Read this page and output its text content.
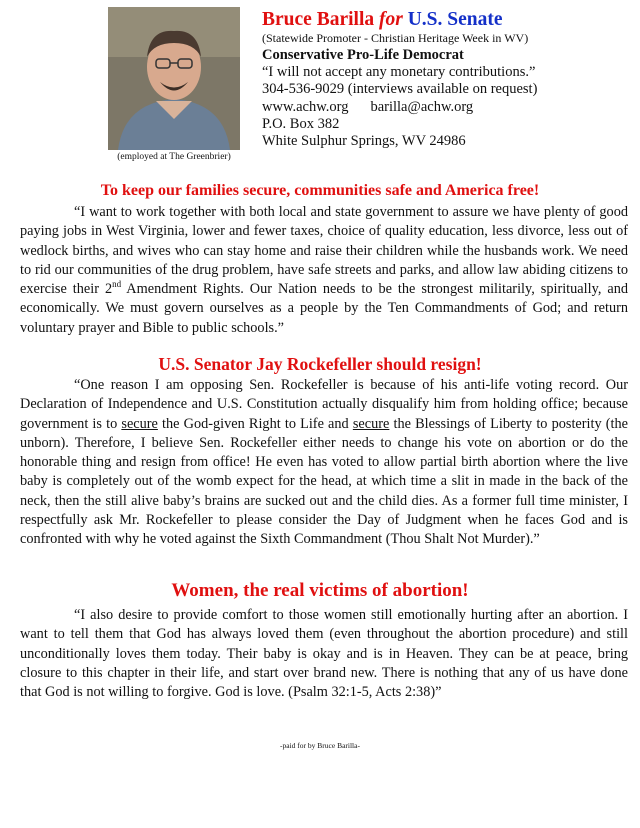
(employed at The Greenbrier)
Bruce Barilla for U.S. Senate
(Statewide Promoter - Christian Heritage Week in WV)
Conservative Pro-Life Democrat
“I will not accept any monetary contributions.”
304-536-9029 (interviews available on request)
www.achw.org barilla@achw.org
P.O. Box 382
White Sulphur Springs, WV 24986
To keep our families secure, communities safe and America free!

“I want to work together with both local and state government to assure we have plenty of good paying jobs in West Virginia, lower and fewer taxes, choice of quality education, less divorce, less out of wedlock births, and wives who can stay home and raise their children while the husbands work. We need to rid our communities of the drug problem, have safe streets and parks, and allow law abiding citizens to exercise their 2nd Amendment Rights. Our Nation needs to be the strongest militarily, spiritually, and economically. We must govern ourselves as a people by the Ten Commandments of God; and return voluntary prayer and Bible to public schools.”

U.S. Senator Jay Rockefeller should resign!

“One reason I am opposing Sen. Rockefeller is because of his anti-life voting record. Our Declaration of Independence and U.S. Constitution actually disqualify him from holding office; because government is to secure the God-given Right to Life and secure the Blessings of Liberty to posterity (the unborn). Therefore, I believe Sen. Rockefeller either needs to change his vote on abortion or do the honorable thing and resign from office! He even has voted to allow partial birth abortion where the live baby is completely out of the womb expect for the head, at which time a slit in made in the back of the neck, then the still alive baby’s brains are sucked out and the child dies. As a former full time minister, I respectfully ask Mr. Rockefeller to please consider the Day of Judgment when he faces God and is confronted with why he voted against the Sixth Commandment (Thou Shalt Not Murder).”

Women, the real victims of abortion!

“I also desire to provide comfort to those women still emotionally hurting after an abortion. I want to tell them that God has always loved them (even throughout the abortion procedure) and still unconditionally loves them today. Their baby is okay and is in Heaven. They can be at peace, bring closure to this chapter in their life, and start over brand new. There is nothing that any of us have done that God is not willing to forgive. God is love. (Psalm 32:1-5, Acts 2:38)”

-paid for by Bruce Barilla-
